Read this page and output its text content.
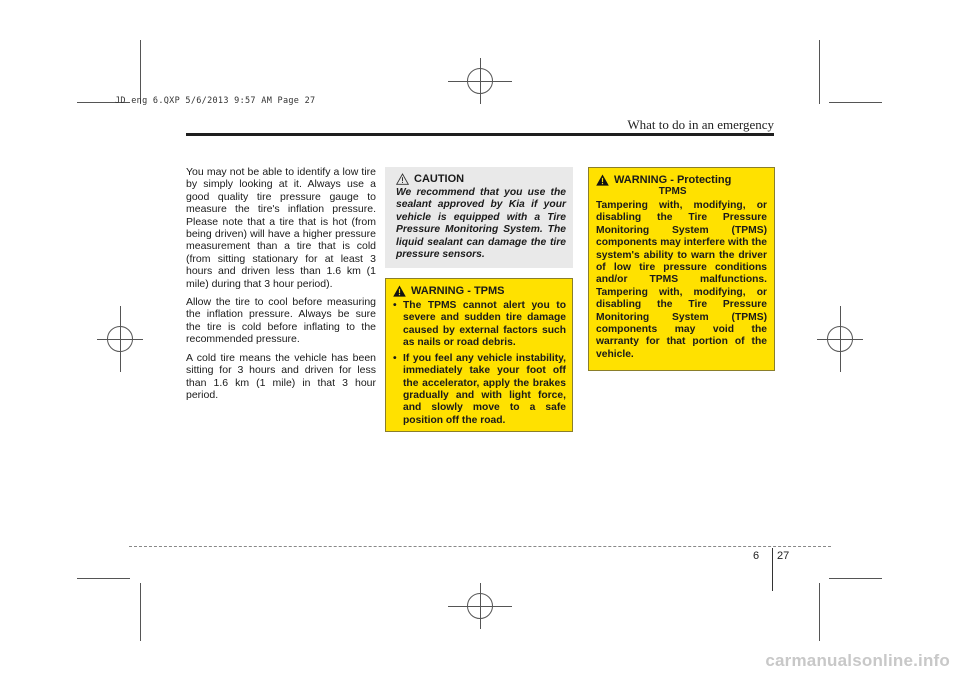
JD eng 6.QXP 5/6/2013 9:57 AM Page 27
What to do in an emergency

You may not be able to identify a low tire by simply looking at it. Always use a good quality tire pressure gauge to measure the tire's inflation pressure. Please note that a tire that is hot (from being driven) will have a higher pressure measurement than a tire that is cold (from sitting stationary for at least 3 hours and driven less than 1.6 km (1 mile) during that 3 hour period).

Allow the tire to cool before measuring the inflation pressure. Always be sure the tire is cold before inflating to the recommended pressure.

A cold tire means the vehicle has been sitting for 3 hours and driven for less than 1.6 km (1 mile) in that 3 hour period.

CAUTION
We recommend that you use the sealant approved by Kia if your vehicle is equipped with a Tire Pressure Monitoring System. The liquid sealant can damage the tire pressure sensors.
WARNING - TPMS
• The TPMS cannot alert you to severe and sudden tire damage caused by external factors such as nails or road debris.
• If you feel any vehicle instability, immediately take your foot off the accelerator, apply the brakes gradually and with light force, and slowly move to a safe position off the road.
WARNING - Protecting
TPMS
Tampering with, modifying, or disabling the Tire Pressure Monitoring System (TPMS) components may interfere with the system's ability to warn the driver of low tire pressure conditions and/or TPMS malfunctions. Tampering with, modifying, or disabling the Tire Pressure Monitoring System (TPMS) components may void the warranty for that portion of the vehicle.
6 27
carmanualsonline.info
